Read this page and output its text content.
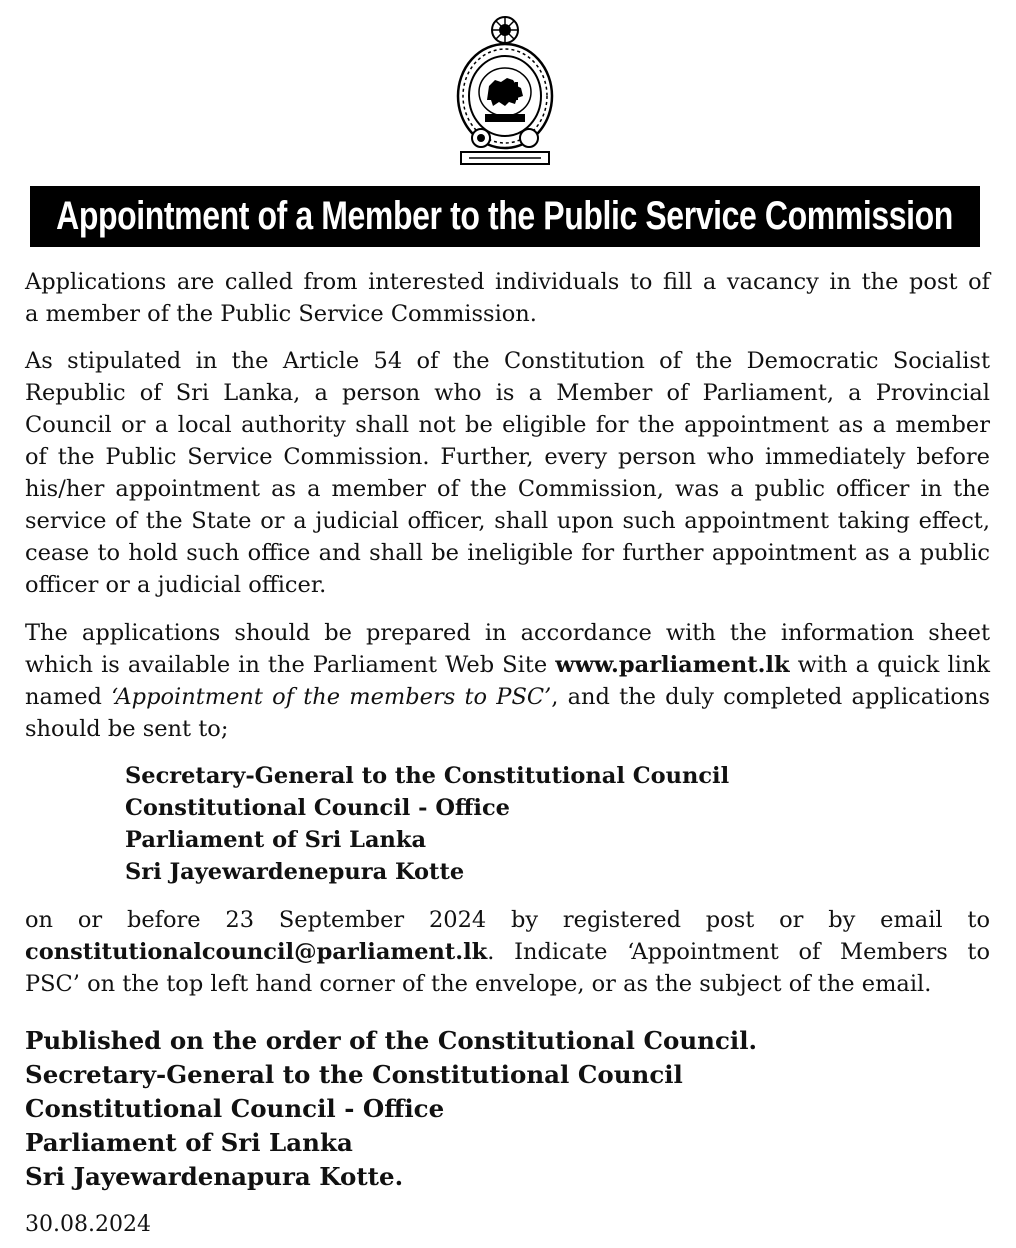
Appointment of a Member to the Public Service Commission
Applications are called from interested individuals to fill a vacancy in the post of
a member of the Public Service Commission.
As stipulated in the Article 54 of the Constitution of the Democratic Socialist
Republic of Sri Lanka, a person who is a Member of Parliament, a Provincial
Council or a local authority shall not be eligible for the appointment as a member
of the Public Service Commission. Further, every person who immediately before
his/her appointment as a member of the Commission, was a public officer in the
service of the State or a judicial officer, shall upon such appointment taking effect,
cease to hold such office and shall be ineligible for further appointment as a public
officer or a judicial officer.
The applications should be prepared in accordance with the information sheet
which is available in the Parliament Web Site www.parliament.lk with a quick link
named ‘Appointment of the members to PSC’, and the duly completed applications
should be sent to;
Secretary-General to the Constitutional Council
Constitutional Council - Office
Parliament of Sri Lanka
Sri Jayewardenepura Kotte
on or before 23 September 2024 by registered post or by email to
constitutionalcouncil@parliament.lk. Indicate ‘Appointment of Members to
PSC’ on the top left hand corner of the envelope, or as the subject of the email.
Published on the order of the Constitutional Council.
Secretary-General to the Constitutional Council
Constitutional Council - Office
Parliament of Sri Lanka
Sri Jayewardenapura Kotte.
30.08.2024
